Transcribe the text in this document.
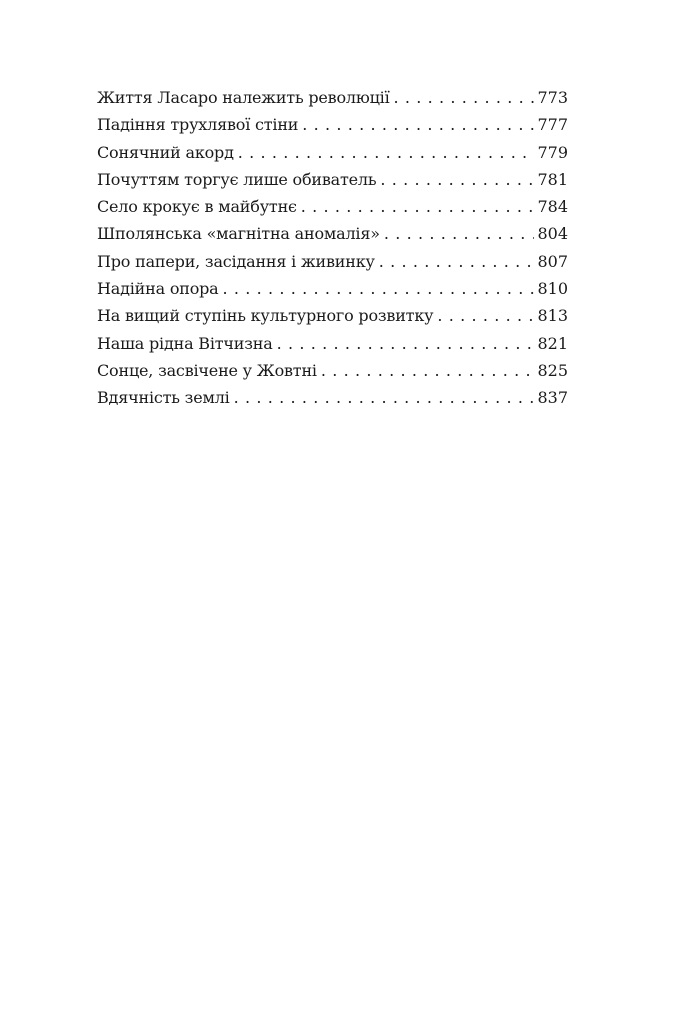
Життя Ласаро належить революції . . .	773
Падіння трухлявої стіни . . .	777
Сонячний акорд . . .	779
Почуттям торгує лише обиватель . . .	781
Село крокує в майбутнє . . .	784
Шполянська «магнітна аномалія» . . .	804
Про папери, засідання і живинку . . .	807
Надійна опора . . .	810
На вищий ступінь культурного розвитку . . .	813
Наша рідна Вітчизна . . .	821
Сонце, засвічене у Жовтні . . .	825
Вдячність землі . . .	837
